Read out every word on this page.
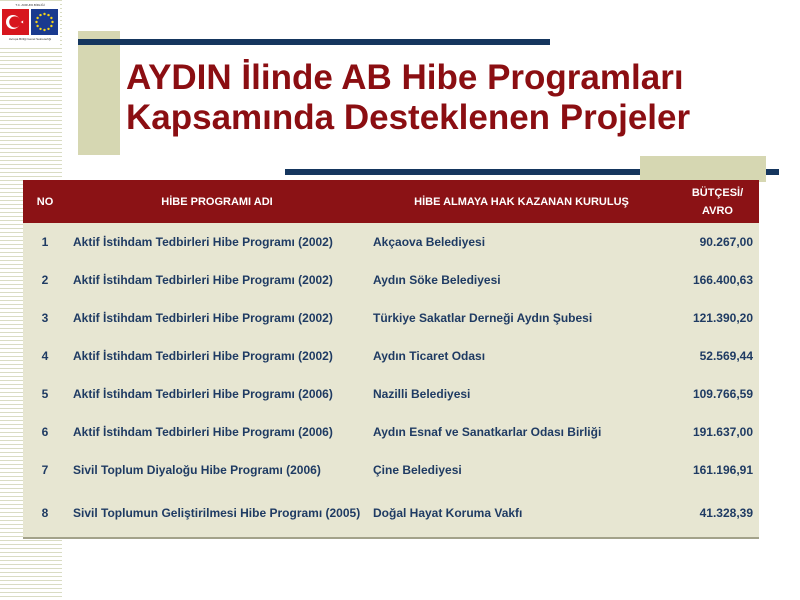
T.C. AVRUPA BİRLİĞİ
Avrupa Birliği Genel Sekreterliği
AYDIN İlinde AB Hibe Programları
Kapsamında Desteklenen Projeler
NO	HİBE PROGRAMI ADI	HİBE ALMAYA HAK KAZANAN KURULUŞ	BÜTÇESİ/
AVRO
1	Aktif İstihdam Tedbirleri Hibe Programı (2002)	Akçaova Belediyesi	90.267,00
2	Aktif İstihdam Tedbirleri Hibe Programı (2002)	Aydın Söke Belediyesi	166.400,63
3	Aktif İstihdam Tedbirleri Hibe Programı (2002)	Türkiye Sakatlar Derneği Aydın Şubesi	121.390,20
4	Aktif İstihdam Tedbirleri Hibe Programı (2002)	Aydın Ticaret Odası	52.569,44
5	Aktif İstihdam Tedbirleri Hibe Programı (2006)	Nazilli Belediyesi	109.766,59
6	Aktif İstihdam Tedbirleri Hibe Programı (2006)	Aydın Esnaf ve Sanatkarlar Odası Birliği	191.637,00
7	Sivil Toplum Diyaloğu Hibe Programı (2006)	Çine Belediyesi	161.196,91
8	Sivil Toplumun Geliştirilmesi Hibe Programı (2005)	Doğal Hayat Koruma Vakfı	41.328,39
